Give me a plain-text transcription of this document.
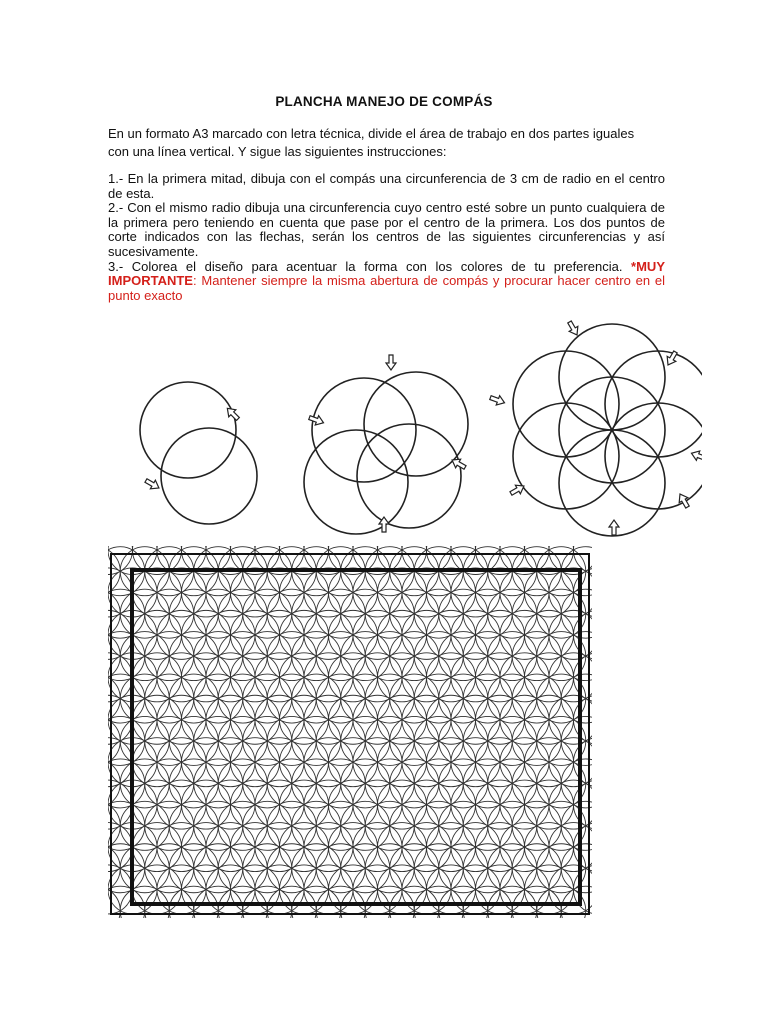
PLANCHA MANEJO DE COMPÁS
En un formato A3 marcado con letra técnica, divide el área de trabajo en dos partes iguales
con una línea vertical. Y sigue las siguientes instrucciones:

1.- En la primera mitad, dibuja con el compás una circunferencia de 3 cm de radio en el centro de esta.

2.- Con el mismo radio dibuja una circunferencia cuyo centro esté sobre un punto cualquiera de la primera pero teniendo en cuenta que pase por el centro de la primera. Los dos puntos de corte indicados con las flechas, serán los centros de las siguientes circunferencias y así sucesivamente.

3.- Colorea el diseño para acentuar la forma con los colores de tu preferencia. *MUY IMPORTANTE: Mantener siempre la misma abertura de compás y procurar hacer centro en el punto exacto
